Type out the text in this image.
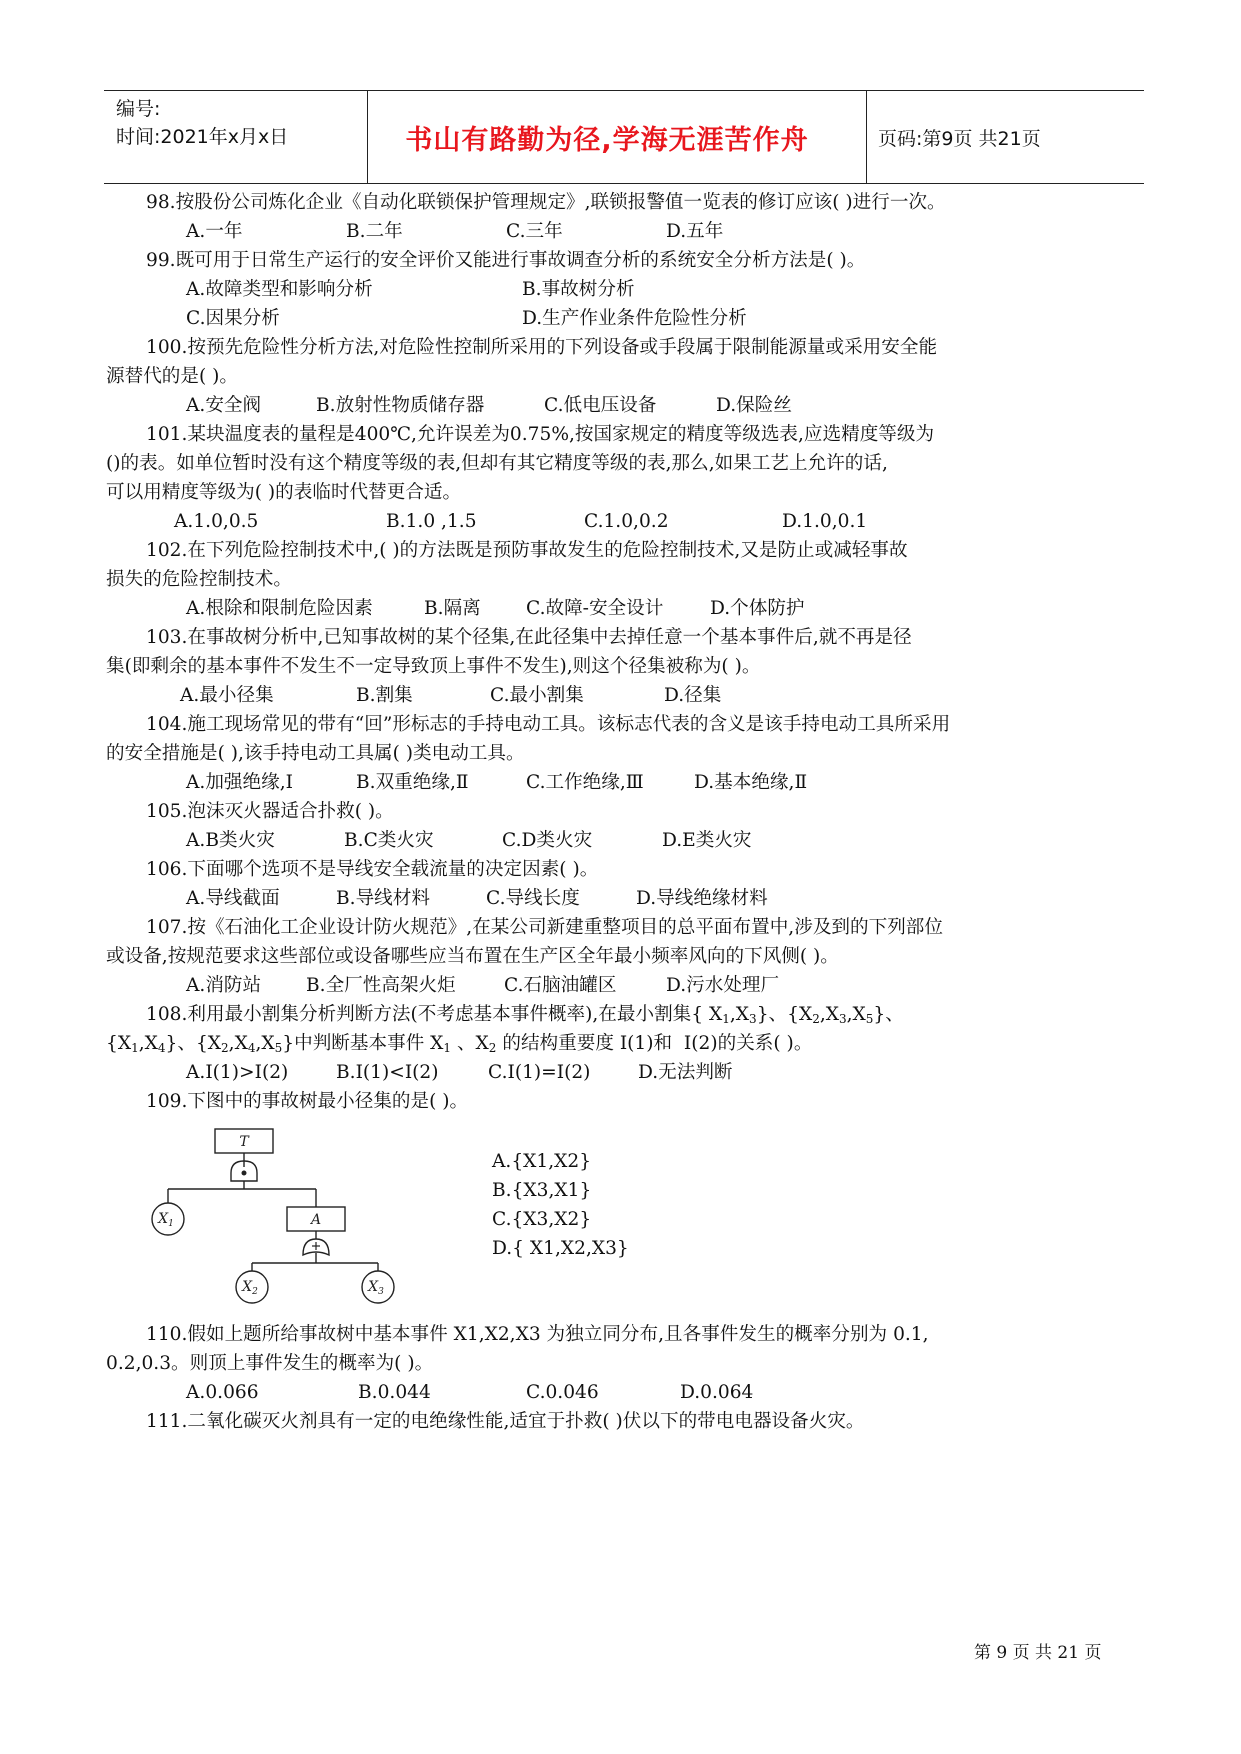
编号:
时间:2021年x月x日	书山有路勤为径,学海无涯苦作舟	页码:第9页 共21页
98.按股份公司炼化企业《自动化联锁保护管理规定》,联锁报警值一览表的修订应该( )进行一次。
A.一年	B.二年	C.三年	D.五年
99.既可用于日常生产运行的安全评价又能进行事故调查分析的系统安全分析方法是( )。
A.故障类型和影响分析	B.事故树分析
C.因果分析	D.生产作业条件危险性分析
100.按预先危险性分析方法,对危险性控制所采用的下列设备或手段属于限制能源量或采用安全能
源替代的是( )。
A.安全阀	B.放射性物质储存器	C.低电压设备	D.保险丝
101.某块温度表的量程是400℃,允许误差为0.75%,按国家规定的精度等级选表,应选精度等级为
()的表。如单位暂时没有这个精度等级的表,但却有其它精度等级的表,那么,如果工艺上允许的话,
可以用精度等级为( )的表临时代替更合适。
A.1.0,0.5	B.1.0 ,1.5	C.1.0,0.2	D.1.0,0.1
102.在下列危险控制技术中,( )的方法既是预防事故发生的危险控制技术,又是防止或减轻事故
损失的危险控制技术。
A.根除和限制危险因素	B.隔离 C.故障-安全设计	D.个体防护
103.在事故树分析中,已知事故树的某个径集,在此径集中去掉任意一个基本事件后,就不再是径
集(即剩余的基本事件不发生不一定导致顶上事件不发生),则这个径集被称为( )。
A.最小径集	B.割集	C.最小割集	D.径集
104.施工现场常见的带有“回”形标志的手持电动工具。该标志代表的含义是该手持电动工具所采用
的安全措施是( ),该手持电动工具属( )类电动工具。
A.加强绝缘,Ⅰ	B.双重绝缘,Ⅱ	C.工作绝缘,Ⅲ	D.基本绝缘,Ⅱ
105.泡沫灭火器适合扑救( )。
A.B类火灾	B.C类火灾	C.D类火灾	D.E类火灾
106.下面哪个选项不是导线安全载流量的决定因素( )。
A.导线截面	B.导线材料	C.导线长度	D.导线绝缘材料
107.按《石油化工企业设计防火规范》,在某公司新建重整项目的总平面布置中,涉及到的下列部位
或设备,按规范要求这些部位或设备哪些应当布置在生产区全年最小频率风向的下风侧( )。
A.消防站 B.全厂性高架火炬	C.石脑油罐区	D.污水处理厂
108.利用最小割集分析判断方法(不考虑基本事件概率),在最小割集{ $X_1,X_3$}、$\{X_2,X_3,X_5\}$、
$\{X_1,X_4\}$、$\{X_2,X_4,X_5\}$中判断基本事件 $X_1$ 、$X_2$ 的结构重要度 I(1)和  I(2)的关系( )。
A.I(1)>I(2)	B.I(1)<I(2)	C.I(1)=I(2)	D.无法判断
109.下图中的事故树最小径集的是( )。
T
A
$X_1$
$X_2$	$X_3$
A.{X1,X2}
B.{X3,X1}
C.{X3,X2}
D.{ X1,X2,X3}
110.假如上题所给事故树中基本事件 X1,X2,X3 为独立同分布,且各事件发生的概率分别为 0.1,
0.2,0.3。则顶上事件发生的概率为( )。
A.0.066	B.0.044	C.0.046	D.0.064
111.二氧化碳灭火剂具有一定的电绝缘性能,适宜于扑救( )伏以下的带电电器设备火灾。
第 9 页 共 21 页
